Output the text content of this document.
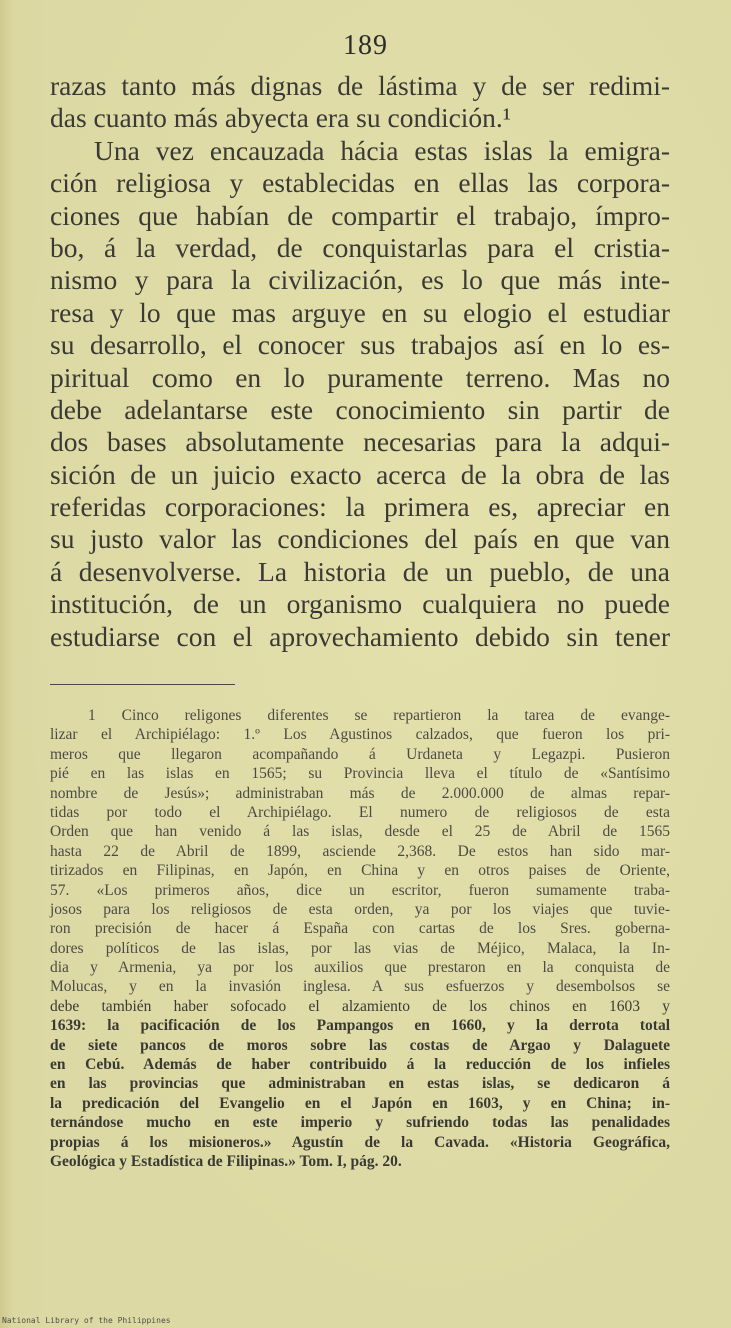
189
razas tanto más dignas de lástima y de ser redimi-
das cuanto más abyecta era su condición.¹
Una vez encauzada hácia estas islas la emigra-
ción religiosa y establecidas en ellas las corpora-
ciones que habían de compartir el trabajo, ímpro-
bo, á la verdad, de conquistarlas para el cristia-
nismo y para la civilización, es lo que más inte-
resa y lo que mas arguye en su elogio el estudiar
su desarrollo, el conocer sus trabajos así en lo es-
piritual como en lo puramente terreno. Mas no
debe adelantarse este conocimiento sin partir de
dos bases absolutamente necesarias para la adqui-
sición de un juicio exacto acerca de la obra de las
referidas corporaciones: la primera es, apreciar en
su justo valor las condiciones del país en que van
á desenvolverse. La historia de un pueblo, de una
institución, de un organismo cualquiera no puede
estudiarse con el aprovechamiento debido sin tener
1 Cinco religones diferentes se repartieron la tarea de evange-
lizar el Archipiélago: 1.º Los Agustinos calzados, que fueron los pri-
meros que llegaron acompañando á Urdaneta y Legazpi. Pusieron
pié en las islas en 1565; su Provincia lleva el título de «Santísimo
nombre de Jesús»; administraban más de 2.000.000 de almas repar-
tidas por todo el Archipiélago. El numero de religiosos de esta
Orden que han venido á las islas, desde el 25 de Abril de 1565
hasta 22 de Abril de 1899, asciende 2,368. De estos han sido mar-
tirizados en Filipinas, en Japón, en China y en otros paises de Oriente,
57. «Los primeros años, dice un escritor, fueron sumamente traba-
josos para los religiosos de esta orden, ya por los viajes que tuvie-
ron precisión de hacer á España con cartas de los Sres. goberna-
dores políticos de las islas, por las vias de Méjico, Malaca, la In-
dia y Armenia, ya por los auxilios que prestaron en la conquista de
Molucas, y en la invasión inglesa. A sus esfuerzos y desembolsos se
debe también haber sofocado el alzamiento de los chinos en 1603 y
1639: la pacificación de los Pampangos en 1660, y la derrota total
de siete pancos de moros sobre las costas de Argao y Dalaguete
en Cebú. Además de haber contribuido á la reducción de los infieles
en las provincias que administraban en estas islas, se dedicaron á
la predicación del Evangelio en el Japón en 1603, y en China; in-
ternándose mucho en este imperio y sufriendo todas las penalidades
propias á los misioneros.» Agustín de la Cavada. «Historia Geográfica,
Geológica y Estadística de Filipinas.» Tom. I, pág. 20.
National Library of the Philippines
